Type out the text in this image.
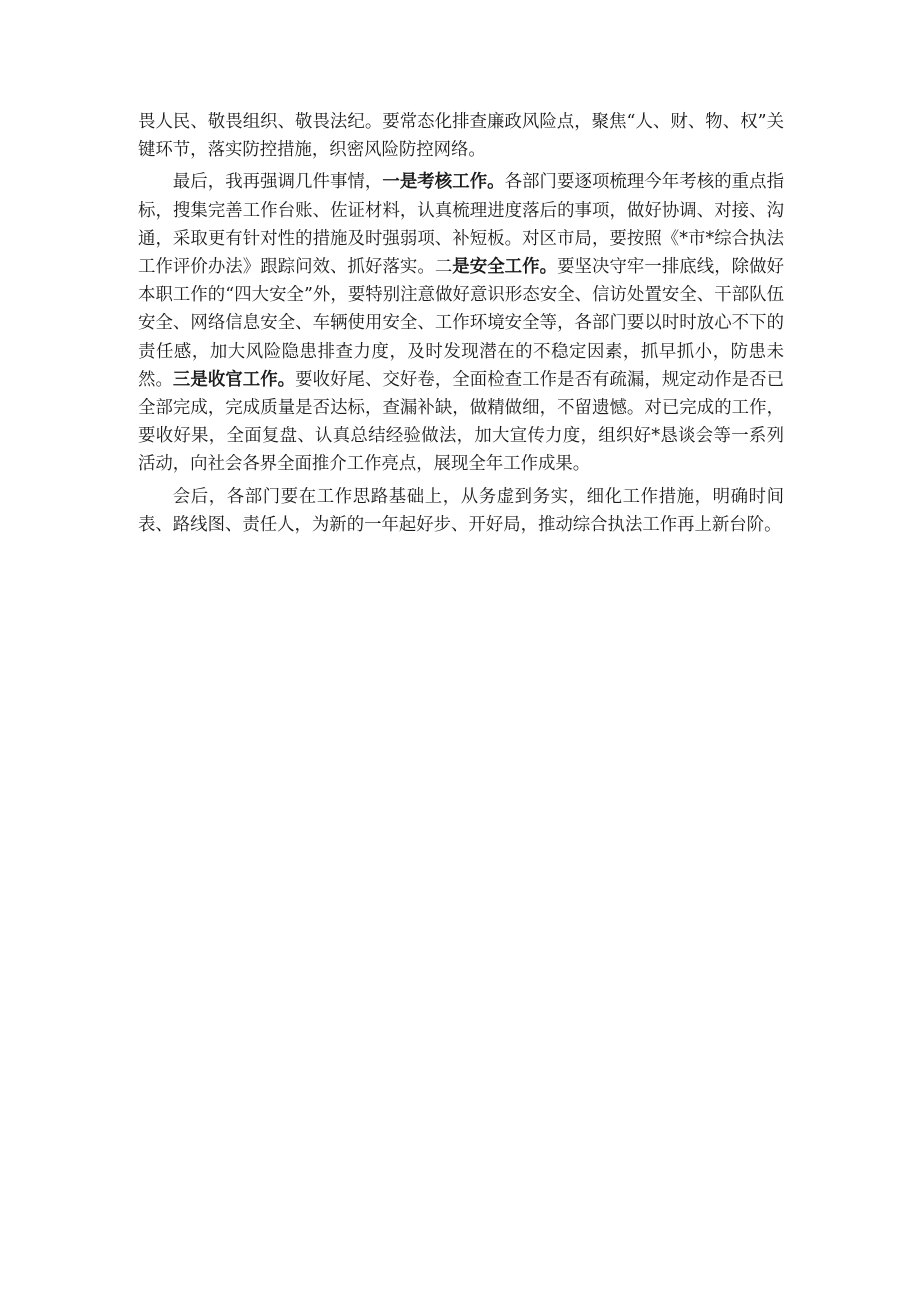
畏人民、敬畏组织、敬畏法纪。要常态化排查廉政风险点，聚焦“人、财、物、权”关键环节，落实防控措施，织密风险防控网络。

最后，我再强调几件事情，一是考核工作。各部门要逐项梳理今年考核的重点指标，搜集完善工作台账、佐证材料，认真梳理进度落后的事项，做好协调、对接、沟通，采取更有针对性的措施及时强弱项、补短板。对区市局，要按照《*市*综合执法工作评价办法》跟踪问效、抓好落实。二是安全工作。要坚决守牢一排底线，除做好本职工作的“四大安全”外，要特别注意做好意识形态安全、信访处置安全、干部队伍安全、网络信息安全、车辆使用安全、工作环境安全等，各部门要以时时放心不下的责任感，加大风险隐患排查力度，及时发现潜在的不稳定因素，抓早抓小，防患未然。三是收官工作。要收好尾、交好卷，全面检查工作是否有疏漏，规定动作是否已全部完成，完成质量是否达标，查漏补缺，做精做细，不留遗憾。对已完成的工作，要收好果，全面复盘、认真总结经验做法，加大宣传力度，组织好*恳谈会等一系列活动，向社会各界全面推介工作亮点，展现全年工作成果。

会后，各部门要在工作思路基础上，从务虚到务实，细化工作措施，明确时间表、路线图、责任人，为新的一年起好步、开好局，推动综合执法工作再上新台阶。
